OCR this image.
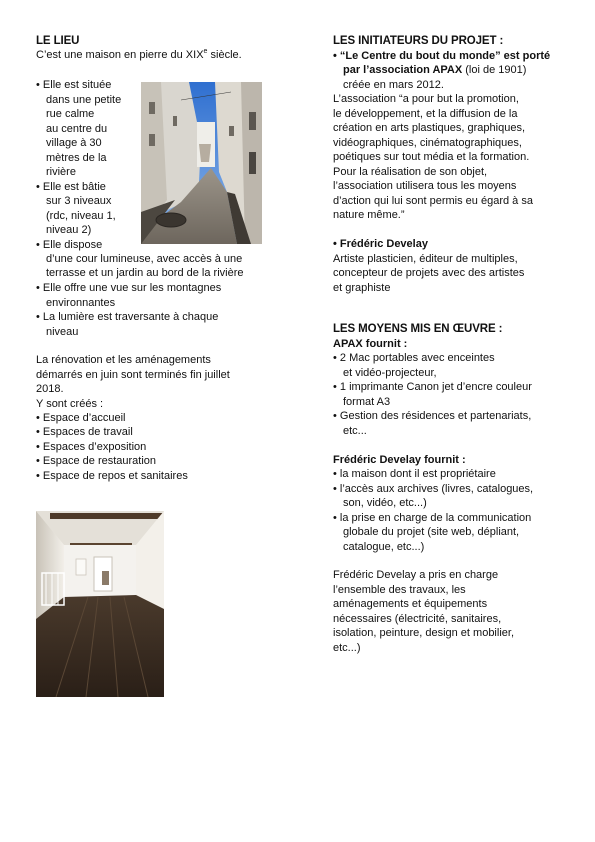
LE LIEU

C’est une maison en pierre du XIXe siècle.

• Elle est située

dans une petite

rue calme

au centre du

village à 30

mètres de la

rivière

• Elle est bâtie

sur 3 niveaux

(rdc, niveau 1,

niveau 2)

• Elle dispose

d’une cour lumineuse, avec accès à une

terrasse et un jardin au bord de la rivière

• Elle offre une vue sur les montagnes

environnantes

• La lumière est traversante à chaque

niveau

La rénovation et les aménagements

démarrés en juin sont terminés fin juillet

2018.

Y sont créés :

• Espace d’accueil

• Espaces de travail

• Espaces d’exposition

• Espace de restauration

• Espace de repos et sanitaires

LES INITIATEURS DU PROJET :

• “Le Centre du bout du monde” est porté

par l’association APAX (loi de 1901)

créée en mars 2012.

L’association “a pour but la promotion,

le développement, et la diffusion de la

création en arts plastiques, graphiques,

vidéographiques, cinématographiques,

poétiques sur tout média et la formation.

Pour la réalisation de son objet,

l’association utilisera tous les moyens

d’action qui lui sont permis eu égard à sa

nature même.”

• Frédéric Develay

Artiste plasticien, éditeur de multiples,

concepteur de projets avec des artistes

et graphiste

LES MOYENS MIS EN ŒUVRE :

APAX fournit :

• 2 Mac portables avec enceintes

et vidéo-projecteur,

• 1 imprimante Canon jet d’encre couleur

format A3

• Gestion des résidences et partenariats,

etc...

Frédéric Develay fournit :

• la maison dont il est propriétaire

• l’accès aux archives (livres, catalogues,

son, vidéo, etc...)

• la prise en charge de la communication

globale du projet (site web, dépliant,

catalogue, etc...)

Frédéric Develay a pris en charge

l’ensemble des travaux, les

aménagements et équipements

nécessaires (électricité, sanitaires,

isolation, peinture, design et mobilier,

etc...)
